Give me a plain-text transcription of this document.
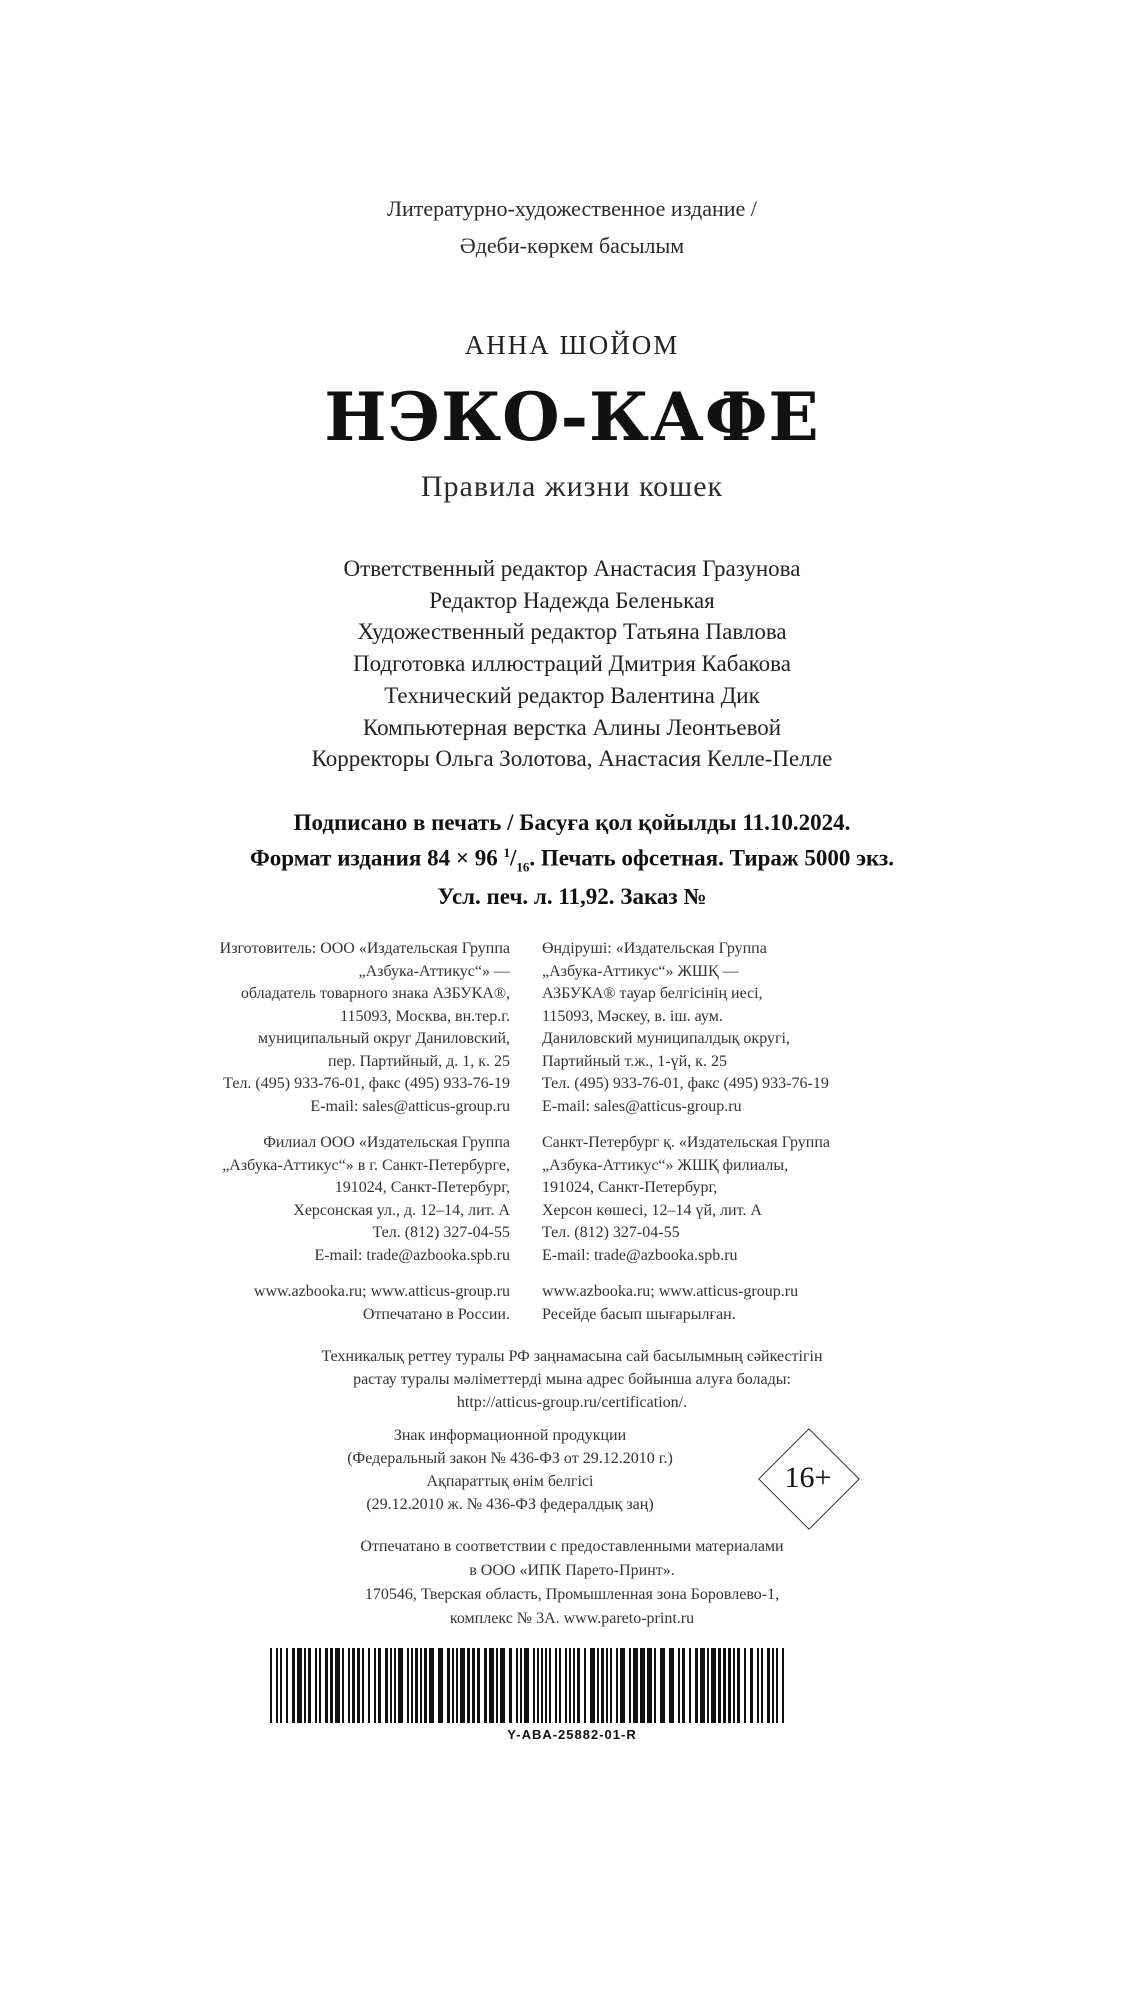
Литературно-художественное издание /
Әдеби-көркем басылым
АННА ШОЙОМ
НЭКО-КАФЕ
Правила жизни кошек
Ответственный редактор Анастасия Гразунова
Редактор Надежда Беленькая
Художественный редактор Татьяна Павлова
Подготовка иллюстраций Дмитрия Кабакова
Технический редактор Валентина Дик
Компьютерная верстка Алины Леонтьевой
Корректоры Ольга Золотова, Анастасия Келле-Пелле
Подписано в печать / Басуға қол қойылды 11.10.2024.
Формат издания 84 × 96 $^1/_{16}$. Печать офсетная. Тираж 5000 экз.
Усл. печ. л. 11,92. Заказ №
Изготовитель: ООО «Издательская Группа
„Азбука-Аттикус“» —
обладатель товарного знака АЗБУКА®,
115093, Москва, вн.тер.г.
муниципальный округ Даниловский,
пер. Партийный, д. 1, к. 25
Тел. (495) 933-76-01, факс (495) 933-76-19
E-mail: sales@atticus-group.ru
Филиал ООО «Издательская Группа
„Азбука-Аттикус“» в г. Санкт-Петербурге,
191024, Санкт-Петербург,
Херсонская ул., д. 12–14, лит. А
Тел. (812) 327-04-55
E-mail: trade@azbooka.spb.ru
www.azbooka.ru; www.atticus-group.ru
Отпечатано в России.
Өндіруші: «Издательская Группа
„Азбука-Аттикус“» ЖШҚ —
АЗБУКА® тауар белгісінің иесі,
115093, Мәскеу, в. іш. аум.
Даниловский муниципалдық округі,
Партийный т.ж., 1-үй, к. 25
Тел. (495) 933-76-01, факс (495) 933-76-19
E-mail: sales@atticus-group.ru
Санкт-Петербург қ. «Издательская Группа
„Азбука-Аттикус“» ЖШҚ филиалы,
191024, Санкт-Петербург,
Херсон көшесі, 12–14 үй, лит. А
Тел. (812) 327-04-55
E-mail: trade@azbooka.spb.ru
www.azbooka.ru; www.atticus-group.ru
Ресейде басып шығарылған.
Техникалық реттеу туралы РФ заңнамасына сай басылымның сәйкестігін
растау туралы мәліметтерді мына адрес бойынша алуға болады:
http://atticus-group.ru/certification/.
Знак информационной продукции
(Федеральный закон № 436-ФЗ от 29.12.2010 г.)
Ақпараттық өнім белгісі
(29.12.2010 ж. № 436-ФЗ федералдық заң)
16+
Отпечатано в соответствии с предоставленными материалами
в ООО «ИПК Парето-Принт».
170546, Тверская область, Промышленная зона Боровлево-1,
комплекс № 3А. www.pareto-print.ru
Y-ABA-25882-01-R
